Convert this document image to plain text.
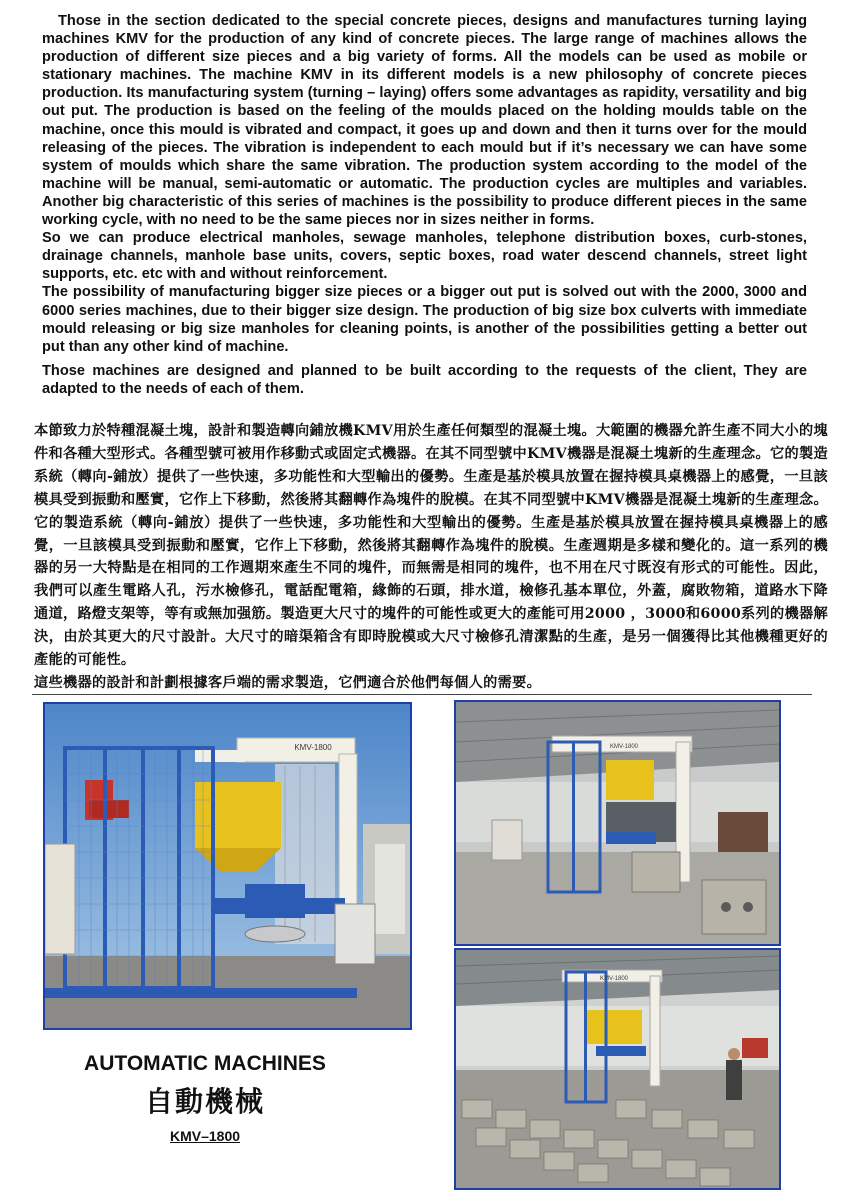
Those in the section dedicated to the special concrete pieces, designs and manufactures turning laying machines KMV for the production of any kind of concrete pieces. The large range of machines allows the production of different size pieces and a big variety of forms. All the models can be used as mobile or stationary machines. The machine KMV in its different models is a new philosophy of concrete pieces production. Its manufacturing system (turning – laying) offers some advantages as rapidity, versatility and big out put. The production is based on the feeling of the moulds placed on the holding moulds table on the machine, once this mould is vibrated and compact, it goes up and down and then it turns over for the mould releasing of the pieces. The vibration is independent to each mould but if it’s necessary we can have some system of moulds which share the same vibration. The production system according to the model of the machine will be manual, semi-automatic or automatic. The production cycles are multiples and variables. Another big characteristic of this series of machines is the possibility to produce different pieces in the same working cycle, with no need to be the same pieces nor in sizes neither in forms.

So we can produce electrical manholes, sewage manholes, telephone distribution boxes, curb-stones, drainage channels, manhole base units, covers, septic boxes, road water descend channels, street light supports, etc. etc with and without reinforcement.

The possibility of manufacturing bigger size pieces or a bigger out put is solved out with the 2000, 3000 and 6000 series machines, due to their bigger size design. The production of big size box culverts with immediate mould releasing or big size manholes for cleaning points, is another of the possibilities getting a better out put than any other kind of machine.

Those machines are designed and planned to be built according to the requests of the client, They are adapted to the needs of each of them.

本節致力於特種混凝土塊，設計和製造轉向鋪放機KMV用於生產任何類型的混凝土塊。大範圍的機器允許生產不同大小的塊件和各種大型形式。各種型號可被用作移動式或固定式機器。在其不同型號中KMV機器是混凝土塊新的生產理念。它的製造系統（轉向-鋪放）提供了一些快速，多功能性和大型輸出的優勢。生產是基於模具放置在握持模具桌機器上的感覺，一旦該模具受到振動和壓實，它作上下移動，然後將其翻轉作為塊件的脫模。在其不同型號中KMV機器是混凝土塊新的生產理念。它的製造系統（轉向-鋪放）提供了一些快速，多功能性和大型輸出的優勢。生產是基於模具放置在握持模具桌機器上的感覺，一旦該模具受到振動和壓實，它作上下移動，然後將其翻轉作為塊件的脫模。生產週期是多樣和變化的。這一系列的機器的另一大特點是在相同的工作週期來產生不同的塊件，而無需是相同的塊件，也不用在尺寸既沒有形式的可能性。因此，我們可以產生電路人孔，污水檢修孔，電話配電箱，緣飾的石頭，排水道，檢修孔基本單位，外蓋，腐敗物箱，道路水下降通道，路燈支架等，等有或無加强筋。製造更大尺寸的塊件的可能性或更大的產能可用2000 ，3000和6000系列的機器解決，由於其更大的尺寸設計。大尺寸的暗渠箱含有即時脫模或大尺寸檢修孔清潔點的生產，是另一個獲得比其他機種更好的產能的可能性。

這些機器的設計和計劃根據客戶端的需求製造，它們適合於他們每個人的需要。

KMV-1800	KMV-1800
KMV-1800
AUTOMATIC MACHINES
自動機械
KMV–1800
